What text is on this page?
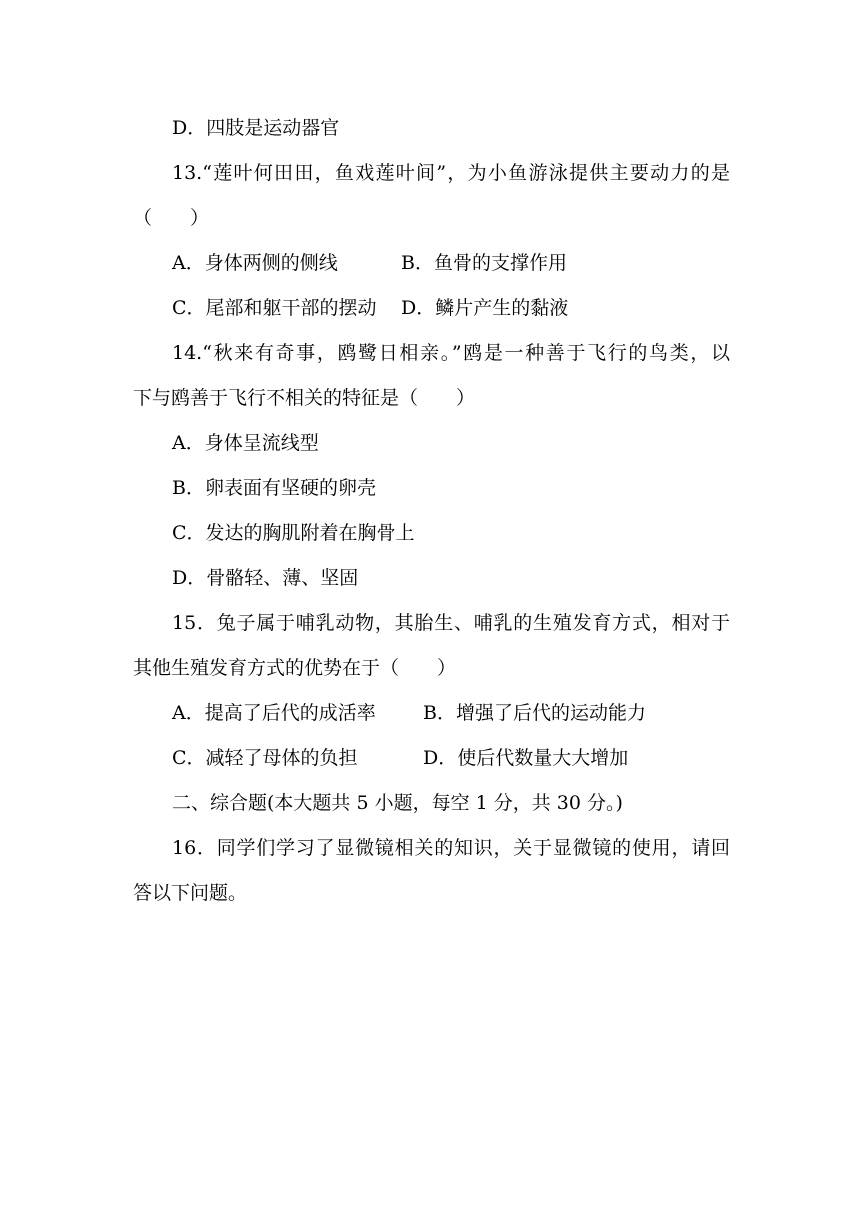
D．四肢是运动器官
13.“莲叶何田田，鱼戏莲叶间”，为小鱼游泳提供主要动力的是
（　　）
A．身体两侧的侧线	B．鱼骨的支撑作用
C．尾部和躯干部的摆动 D．鳞片产生的黏液
14.“秋来有奇事，鸥鹭日相亲。”鸥是一种善于飞行的鸟类，以
下与鸥善于飞行不相关的特征是（　　）
A．身体呈流线型
B．卵表面有坚硬的卵壳
C．发达的胸肌附着在胸骨上
D．骨骼轻、薄、坚固
15．兔子属于哺乳动物，其胎生、哺乳的生殖发育方式，相对于
其他生殖发育方式的优势在于（　　）
A．提高了后代的成活率 B．增强了后代的运动能力
C．减轻了母体的负担	D．使后代数量大大增加
二、综合题(本大题共 5 小题，每空 1 分，共 30 分。)
16．同学们学习了显微镜相关的知识，关于显微镜的使用，请回
答以下问题。
